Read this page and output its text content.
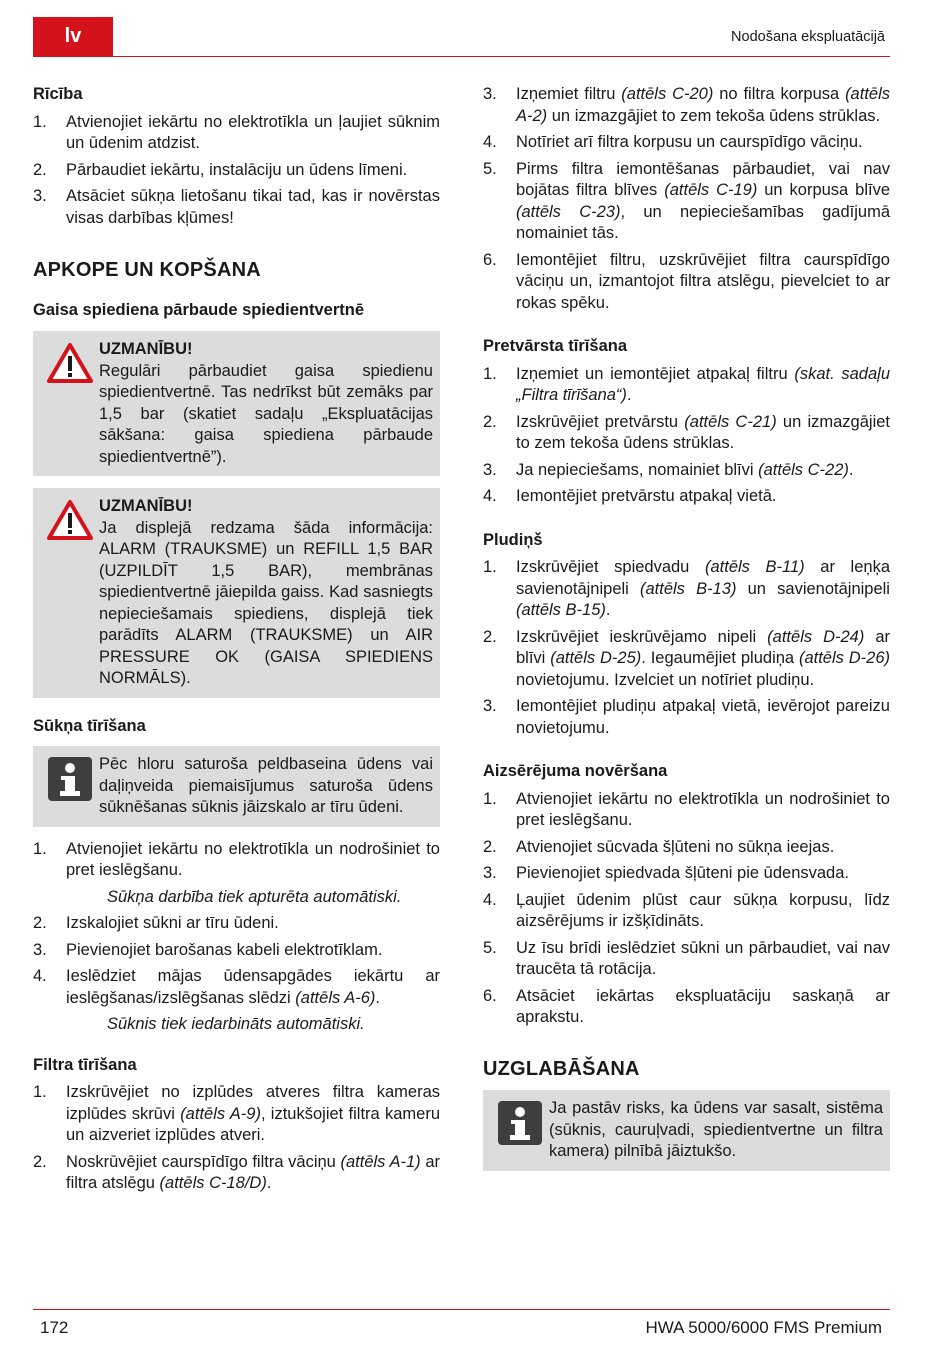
lv	Nodošana ekspluatācijā
Rīcība
1. Atvienojiet iekārtu no elektrotīkla un ļaujiet sūknim un ūdenim atdzist.
2. Pārbaudiet iekārtu, instalāciju un ūdens līmeni.
3. Atsāciet sūkņa lietošanu tikai tad, kas ir novērstas visas darbības kļūmes!
APKOPE UN KOPŠANA
Gaisa spiediena pārbaude spiedientvertnē
UZMANĪBU!
Regulāri pārbaudiet gaisa spiedienu spiedientvertnē. Tas nedrīkst būt zemāks par 1,5 bar (skatiet sadaļu „Ekspluatācijas sākšana: gaisa spiediena pārbaude spiedientvertnē”).
UZMANĪBU!
Ja displejā redzama šāda informācija: ALARM (TRAUKSME) un REFILL 1,5 BAR (UZPILDĪT 1,5 BAR), membrānas spiedientvertnē jāiepilda gaiss. Kad sasniegts nepieciešamais spiediens, displejā tiek parādīts ALARM (TRAUKSME) un AIR PRESSURE OK (GAISA SPIEDIENS NORMĀLS).
Sūkņa tīrīšana
Pēc hloru saturoša peldbaseina ūdens vai daļiņveida piemaisījumus saturoša ūdens sūknēšanas sūknis jāizskalo ar tīru ūdeni.
1. Atvienojiet iekārtu no elektrotīkla un nodrošiniet to pret ieslēgšanu.
Sūkņa darbība tiek apturēta automātiski.
2. Izskalojiet sūkni ar tīru ūdeni.
3. Pievienojiet barošanas kabeli elektrotīklam.
4. Ieslēdziet mājas ūdensapgādes iekārtu ar ieslēgšanas/izslēgšanas slēdzi (attēls A-6).
Sūknis tiek iedarbināts automātiski.
Filtra tīrīšana
1. Izskrūvējiet no izplūdes atveres filtra kameras izplūdes skrūvi (attēls A-9), iztukšojiet filtra kameru un aizveriet izplūdes atveri.
2. Noskrūvējiet caurspīdīgo filtra vāciņu (attēls A-1) ar filtra atslēgu (attēls C-18/D).
3. Izņemiet filtru (attēls C-20) no filtra korpusa (attēls A-2) un izmazgājiet to zem tekoša ūdens strūklas.
4. Notīriet arī filtra korpusu un caurspīdīgo vāciņu.
5. Pirms filtra iemontēšanas pārbaudiet, vai nav bojātas filtra blīves (attēls C-19) un korpusa blīve (attēls C-23), un nepieciešamības gadījumā nomainiet tās.
6. Iemontējiet filtru, uzskrūvējiet filtra caurspīdīgo vāciņu un, izmantojot filtra atslēgu, pievelciet to ar rokas spēku.
Pretvārsta tīrīšana
1. Izņemiet un iemontējiet atpakaļ filtru (skat. sadaļu „Filtra tīrīšana“).
2. Izskrūvējiet pretvārstu (attēls C-21) un izmazgājiet to zem tekoša ūdens strūklas.
3. Ja nepieciešams, nomainiet blīvi (attēls C-22).
4. Iemontējiet pretvārstu atpakaļ vietā.
Pludiņš
1. Izskrūvējiet spiedvadu (attēls B-11) ar leņķa savienotājnipeli (attēls B-13) un savienotājnipeli (attēls B-15).
2. Izskrūvējiet ieskrūvējamo nipeli (attēls D-24) ar blīvi (attēls D-25). Iegaumējiet pludiņa (attēls D-26) novietojumu. Izvelciet un notīriet pludiņu.
3. Iemontējiet pludiņu atpakaļ vietā, ievērojot pareizu novietojumu.
Aizsērējuma novēršana
1. Atvienojiet iekārtu no elektrotīkla un nodrošiniet to pret ieslēgšanu.
2. Atvienojiet sūcvada šļūteni no sūkņa ieejas.
3. Pievienojiet spiedvada šļūteni pie ūdensvada.
4. Ļaujiet ūdenim plūst caur sūkņa korpusu, līdz aizsērējums ir izšķīdināts.
5. Uz īsu brīdi ieslēdziet sūkni un pārbaudiet, vai nav traucēta tā rotācija.
6. Atsāciet iekārtas ekspluatāciju saskaņā ar aprakstu.
UZGLABĀŠANA
Ja pastāv risks, ka ūdens var sasalt, sistēma (sūknis, cauruļvadi, spiedientvertne un filtra kamera) pilnībā jāiztukšo.
172	HWA 5000/6000 FMS Premium
